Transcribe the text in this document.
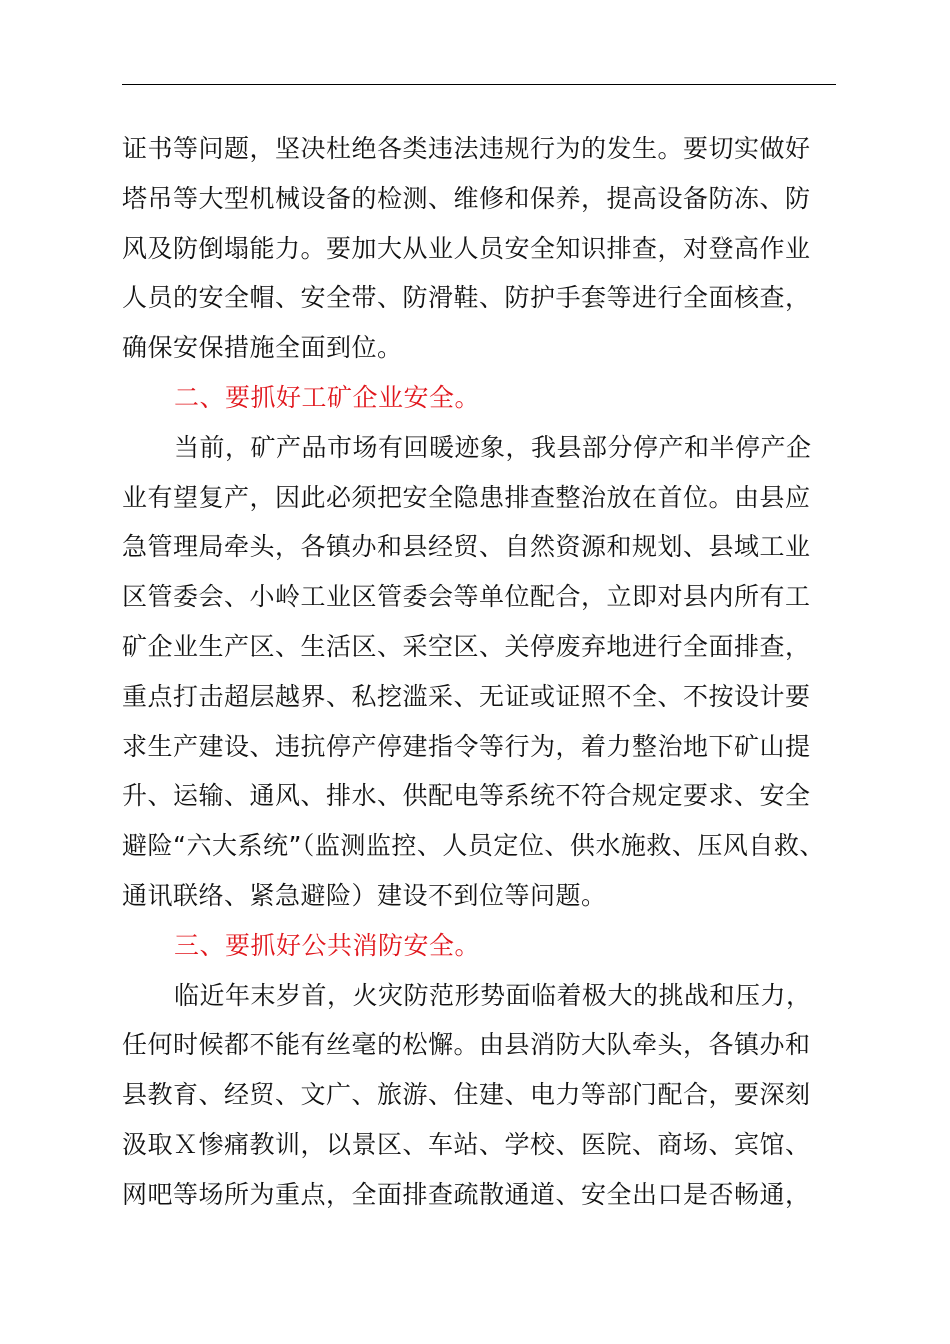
证书等问题，坚决杜绝各类违法违规行为的发生。要切实做好
塔吊等大型机械设备的检测、维修和保养，提高设备防冻、防
风及防倒塌能力。要加大从业人员安全知识排查，对登高作业
人员的安全帽、安全带、防滑鞋、防护手套等进行全面核查，
确保安保措施全面到位。
二、要抓好工矿企业安全。
当前，矿产品市场有回暖迹象，我县部分停产和半停产企
业有望复产，因此必须把安全隐患排查整治放在首位。由县应
急管理局牵头，各镇办和县经贸、自然资源和规划、县域工业
区管委会、小岭工业区管委会等单位配合，立即对县内所有工
矿企业生产区、生活区、采空区、关停废弃地进行全面排查，
重点打击超层越界、私挖滥采、无证或证照不全、不按设计要
求生产建设、违抗停产停建指令等行为，着力整治地下矿山提
升、运输、通风、排水、供配电等系统不符合规定要求、安全
避险“六大系统”（监测监控、人员定位、供水施救、压风自救、
通讯联络、紧急避险）建设不到位等问题。
三、要抓好公共消防安全。
临近年末岁首，火灾防范形势面临着极大的挑战和压力，
任何时候都不能有丝毫的松懈。由县消防大队牵头，各镇办和
县教育、经贸、文广、旅游、住建、电力等部门配合，要深刻
汲取Ｘ惨痛教训，以景区、车站、学校、医院、商场、宾馆、
网吧等场所为重点，全面排查疏散通道、安全出口是否畅通，
